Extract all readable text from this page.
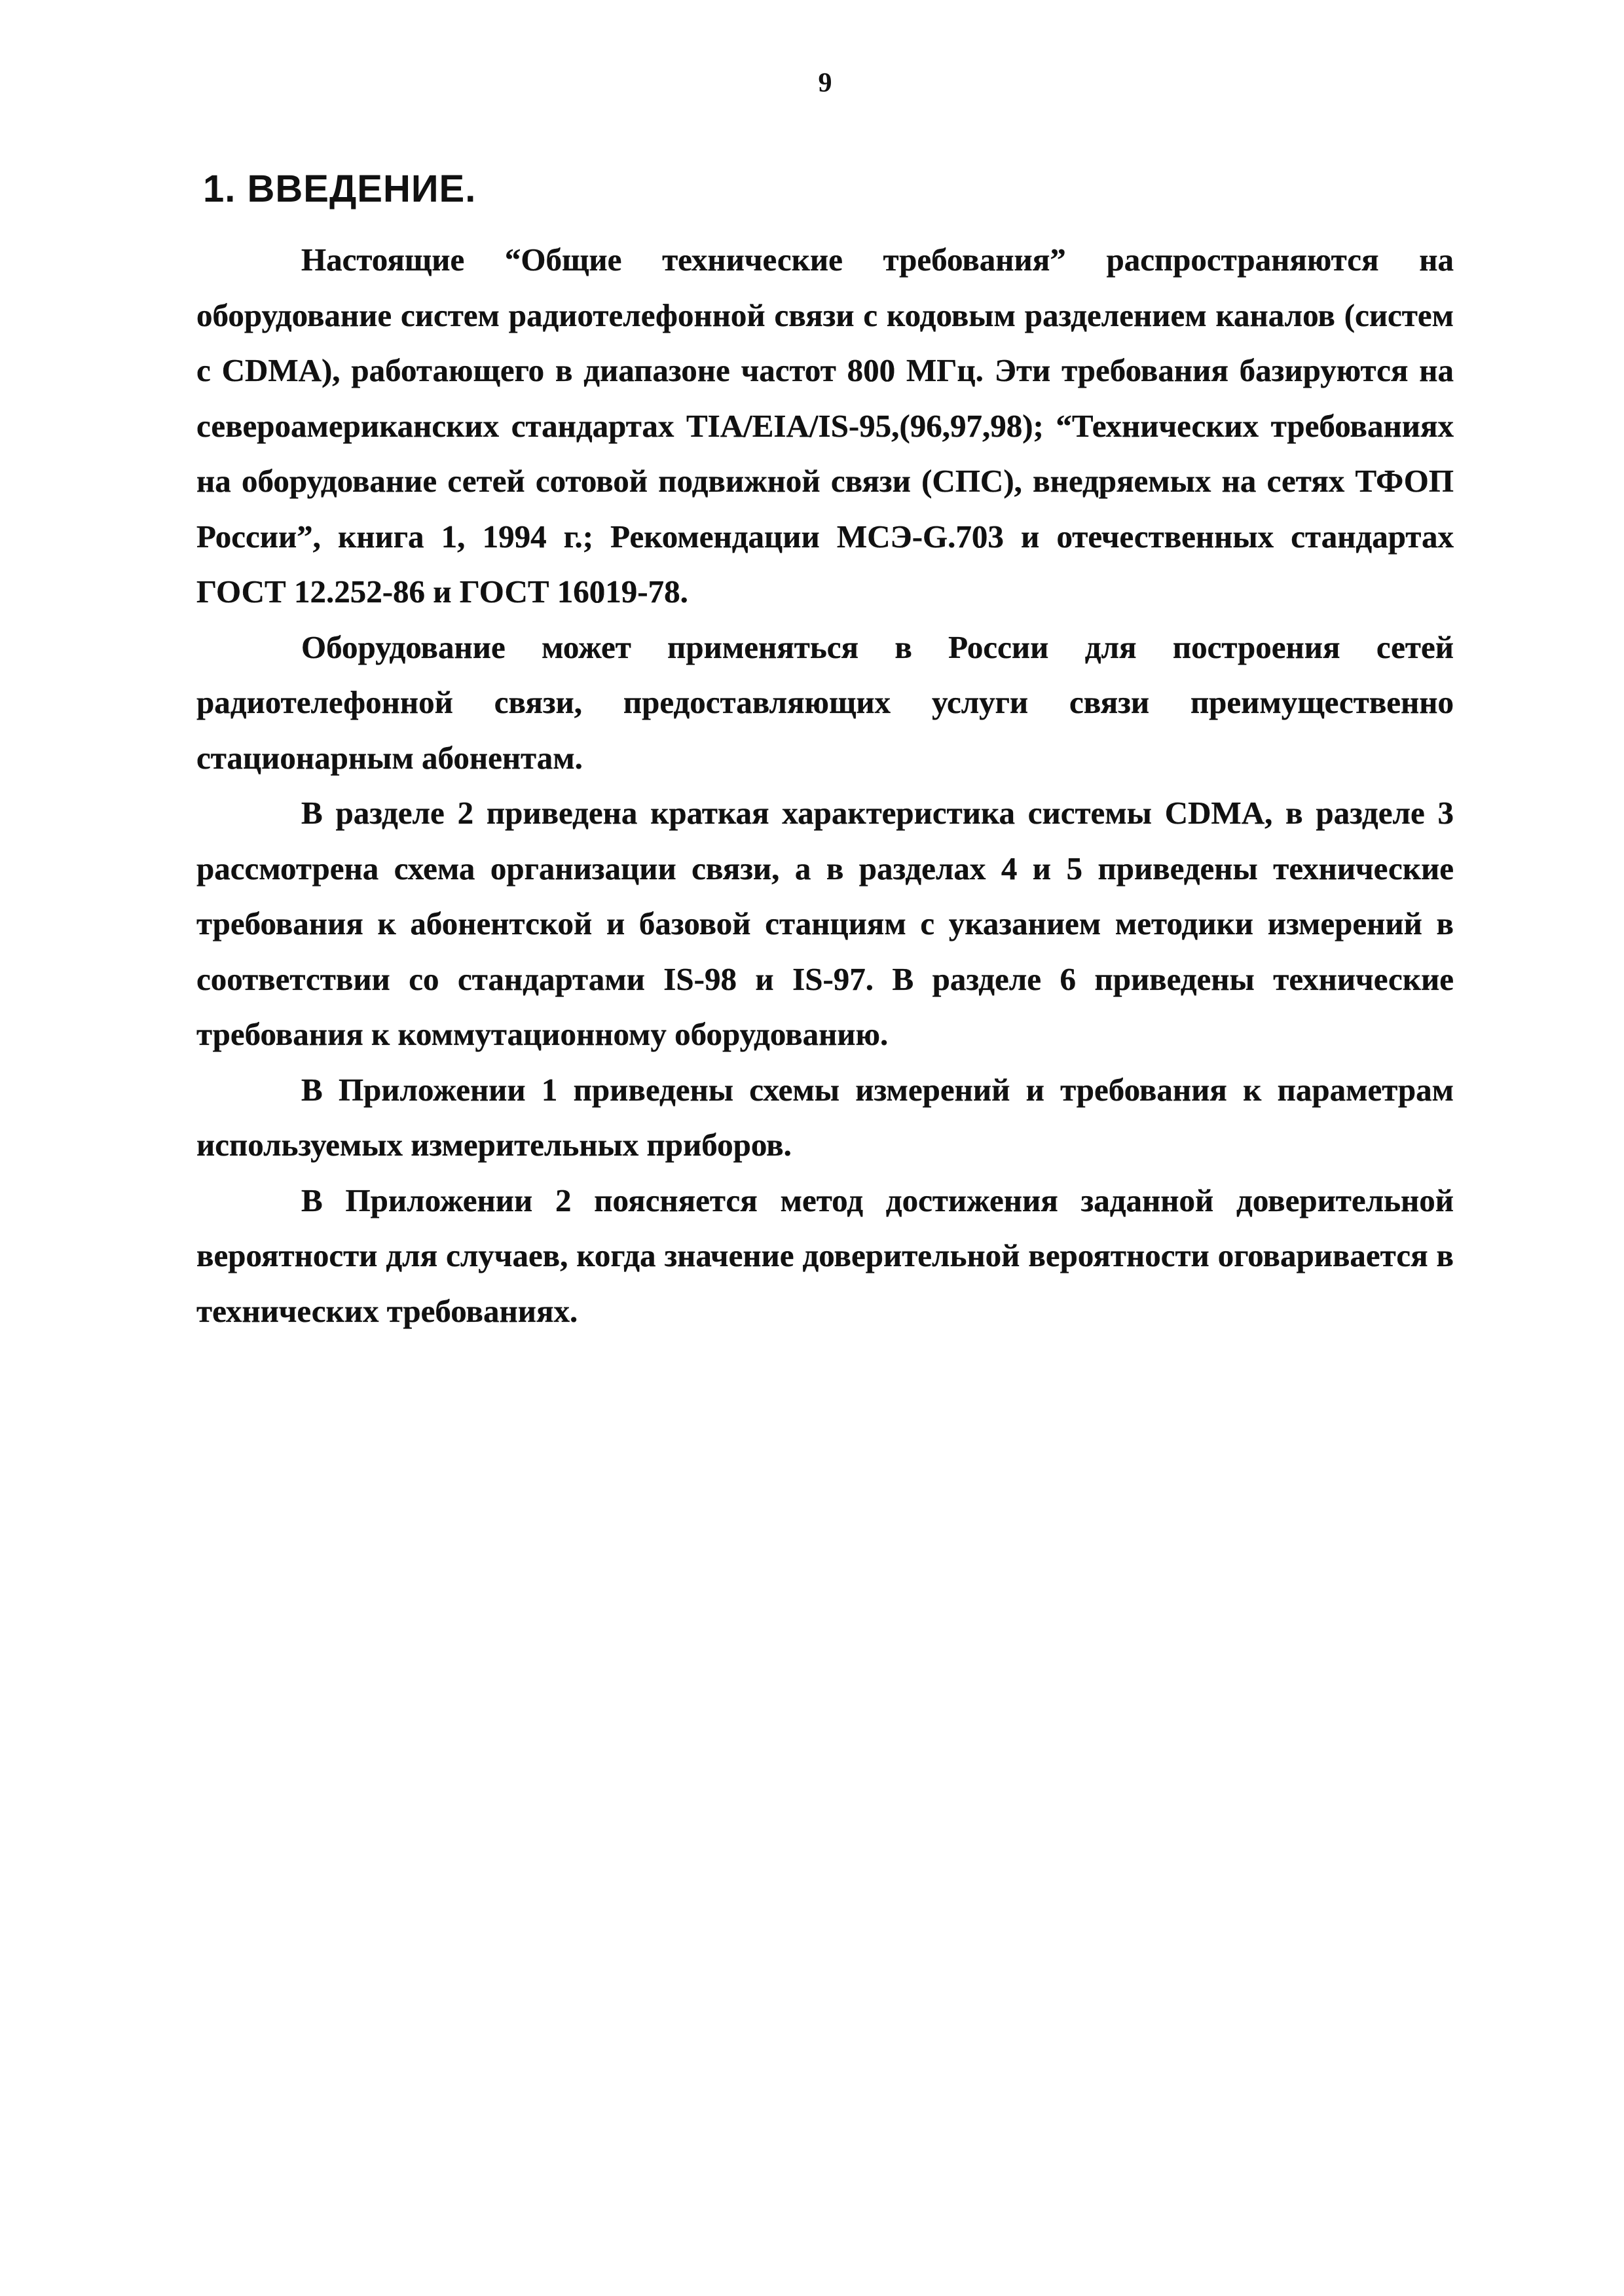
9
1. ВВЕДЕНИЕ.

Настоящие “Общие технические требования” распространяются на оборудование систем радиотелефонной связи с кодовым разделением каналов (систем с CDMA), работающего в диапазоне частот 800 МГц. Эти требования базируются на североамериканских стандартах TIA/EIA/IS-95,(96,97,98); “Технических требованиях на оборудование сетей сотовой подвижной связи (СПС), внедряемых на сетях ТФОП России”, книга 1, 1994 г.; Рекомендации МСЭ-G.703 и отечественных стандартах ГОСТ 12.252-86 и ГОСТ 16019-78.

Оборудование может применяться в России для построения сетей радиотелефонной связи, предоставляющих услуги связи преимущественно стационарным абонентам.

В разделе 2 приведена краткая характеристика системы CDMA, в разделе 3 рассмотрена схема организации связи, а в разделах 4 и 5 приведены технические требования к абонентской и базовой станциям с указанием методики измерений в соответствии со стандартами IS-98 и IS-97. В разделе 6 приведены технические требования к коммутационному оборудованию.

В Приложении 1 приведены схемы измерений и требования к параметрам используемых измерительных приборов.

В Приложении 2 поясняется метод достижения заданной доверительной вероятности для случаев, когда значение доверительной вероятности оговаривается в технических требованиях.
